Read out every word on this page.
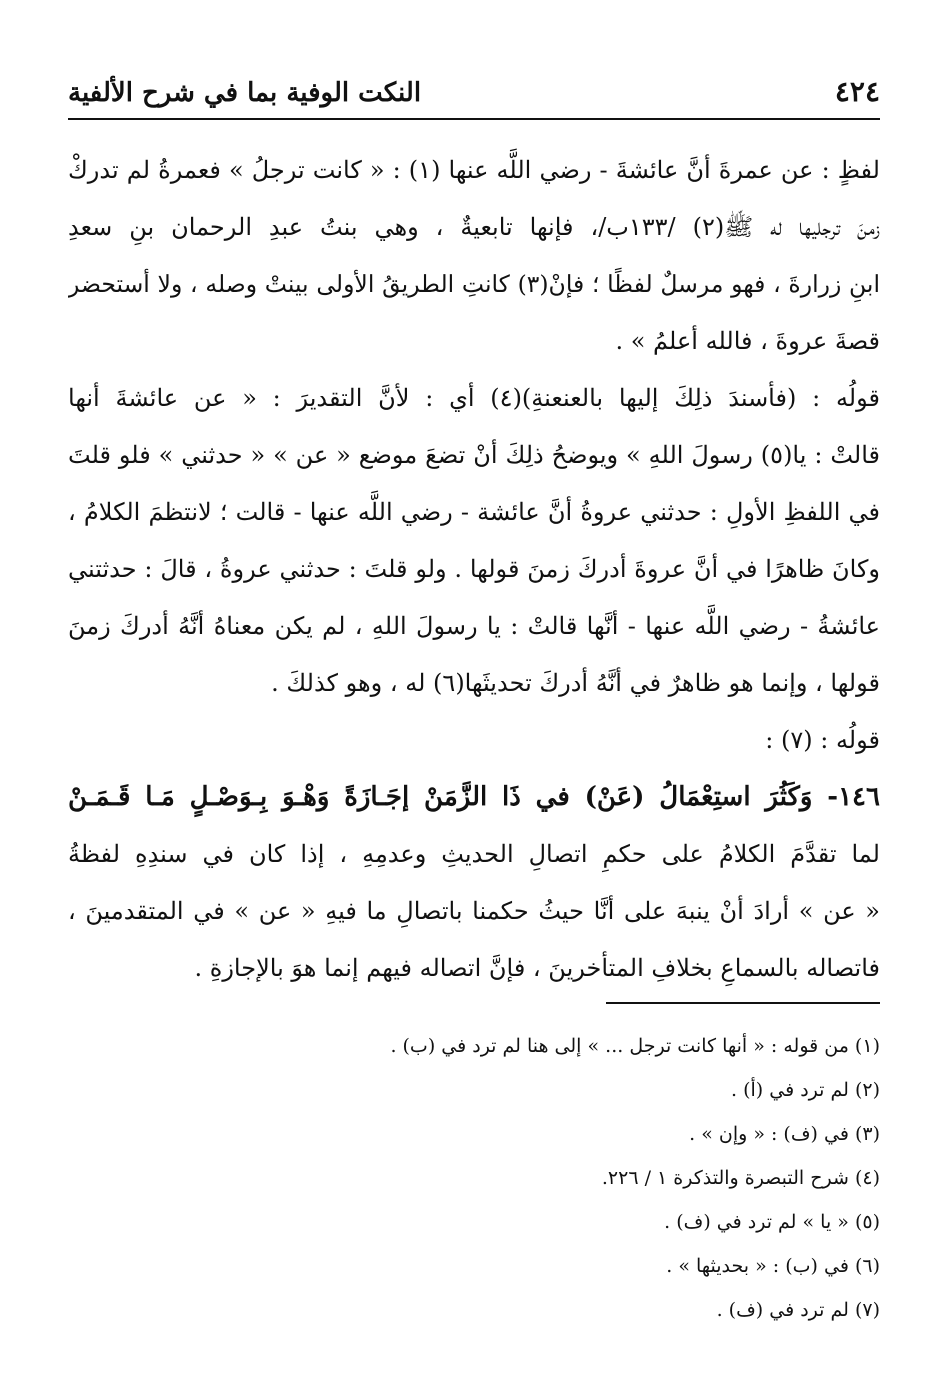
٤٢٤
النكت الوفية بما في شرح الألفية
لفظٍ : عن عمرةَ أنَّ عائشةَ - رضي اللَّه عنها (١) : « كانت ترجلُ » فعمرةُ لم تدركْ
زمنَ ترجليها له ﷺ(٢) /١٣٣ب/، فإنها تابعيةٌ ، وهي بنتُ عبدِ الرحمان بنِ سعدِ
ابنِ زرارةَ ، فهو مرسلٌ لفظًا ؛ فإنْ(٣) كانتِ الطريقُ الأولى بينتْ وصله ، ولا أستحضر
قصةَ عروةَ ، فالله أعلمُ » .
قولُه : (فأسندَ ذلِكَ إليها بالعنعنةِ)(٤) أي : لأنَّ التقديرَ : « عن عائشةَ أنها
قالتْ : يا(٥) رسولَ اللهِ » ويوضحُ ذلِكَ أنْ تضعَ موضع « عن » « حدثني » فلو قلتَ
في اللفظِ الأولِ : حدثني عروةُ أنَّ عائشة - رضي اللَّه عنها - قالت ؛ لانتظمَ الكلامُ ،
وكانَ ظاهرًا في أنَّ عروةَ أدركَ زمنَ قولها . ولو قلتَ : حدثني عروةُ ، قالَ : حدثتني
عائشةُ - رضي اللَّه عنها - أنَّها قالتْ : يا رسولَ اللهِ ، لم يكن معناهُ أنَّهُ أدركَ زمنَ
قولها ، وإنما هو ظاهرٌ في أنَّهُ أدركَ تحديثَها(٦) له ، وهو كذلكَ .
قولُه : (٧) :
١٤٦- وَكَثُرَ استِعْمَالُ (عَنْ) في ذَا الزَّمَنْ إجَـازَةً وَهْـوَ بِـوَصْـلٍ مَـا قَـمَـنْ
لما تقدَّمَ الكلامُ على حكمِ اتصالِ الحديثِ وعدمِهِ ، إذا كان في سندِهِ لفظةُ
« عن » أرادَ أنْ ينبهَ على أنَّا حيثُ حكمنا باتصالِ ما فيهِ « عن » في المتقدمينَ ،
فاتصاله بالسماعِ بخلافِ المتأخرينَ ، فإنَّ اتصاله فيهم إنما هوَ بالإجازةِ .
(١) من قوله : « أنها كانت ترجل ... » إلى هنا لم ترد في (ب) .
(٢) لم ترد في (أ) .
(٣) في (ف) : « وإن » .
(٤) شرح التبصرة والتذكرة ١ / ٢٢٦.
(٥) « يا » لم ترد في (ف) .
(٦) في (ب) : « بحديثها » .
(٧) لم ترد في (ف) .
